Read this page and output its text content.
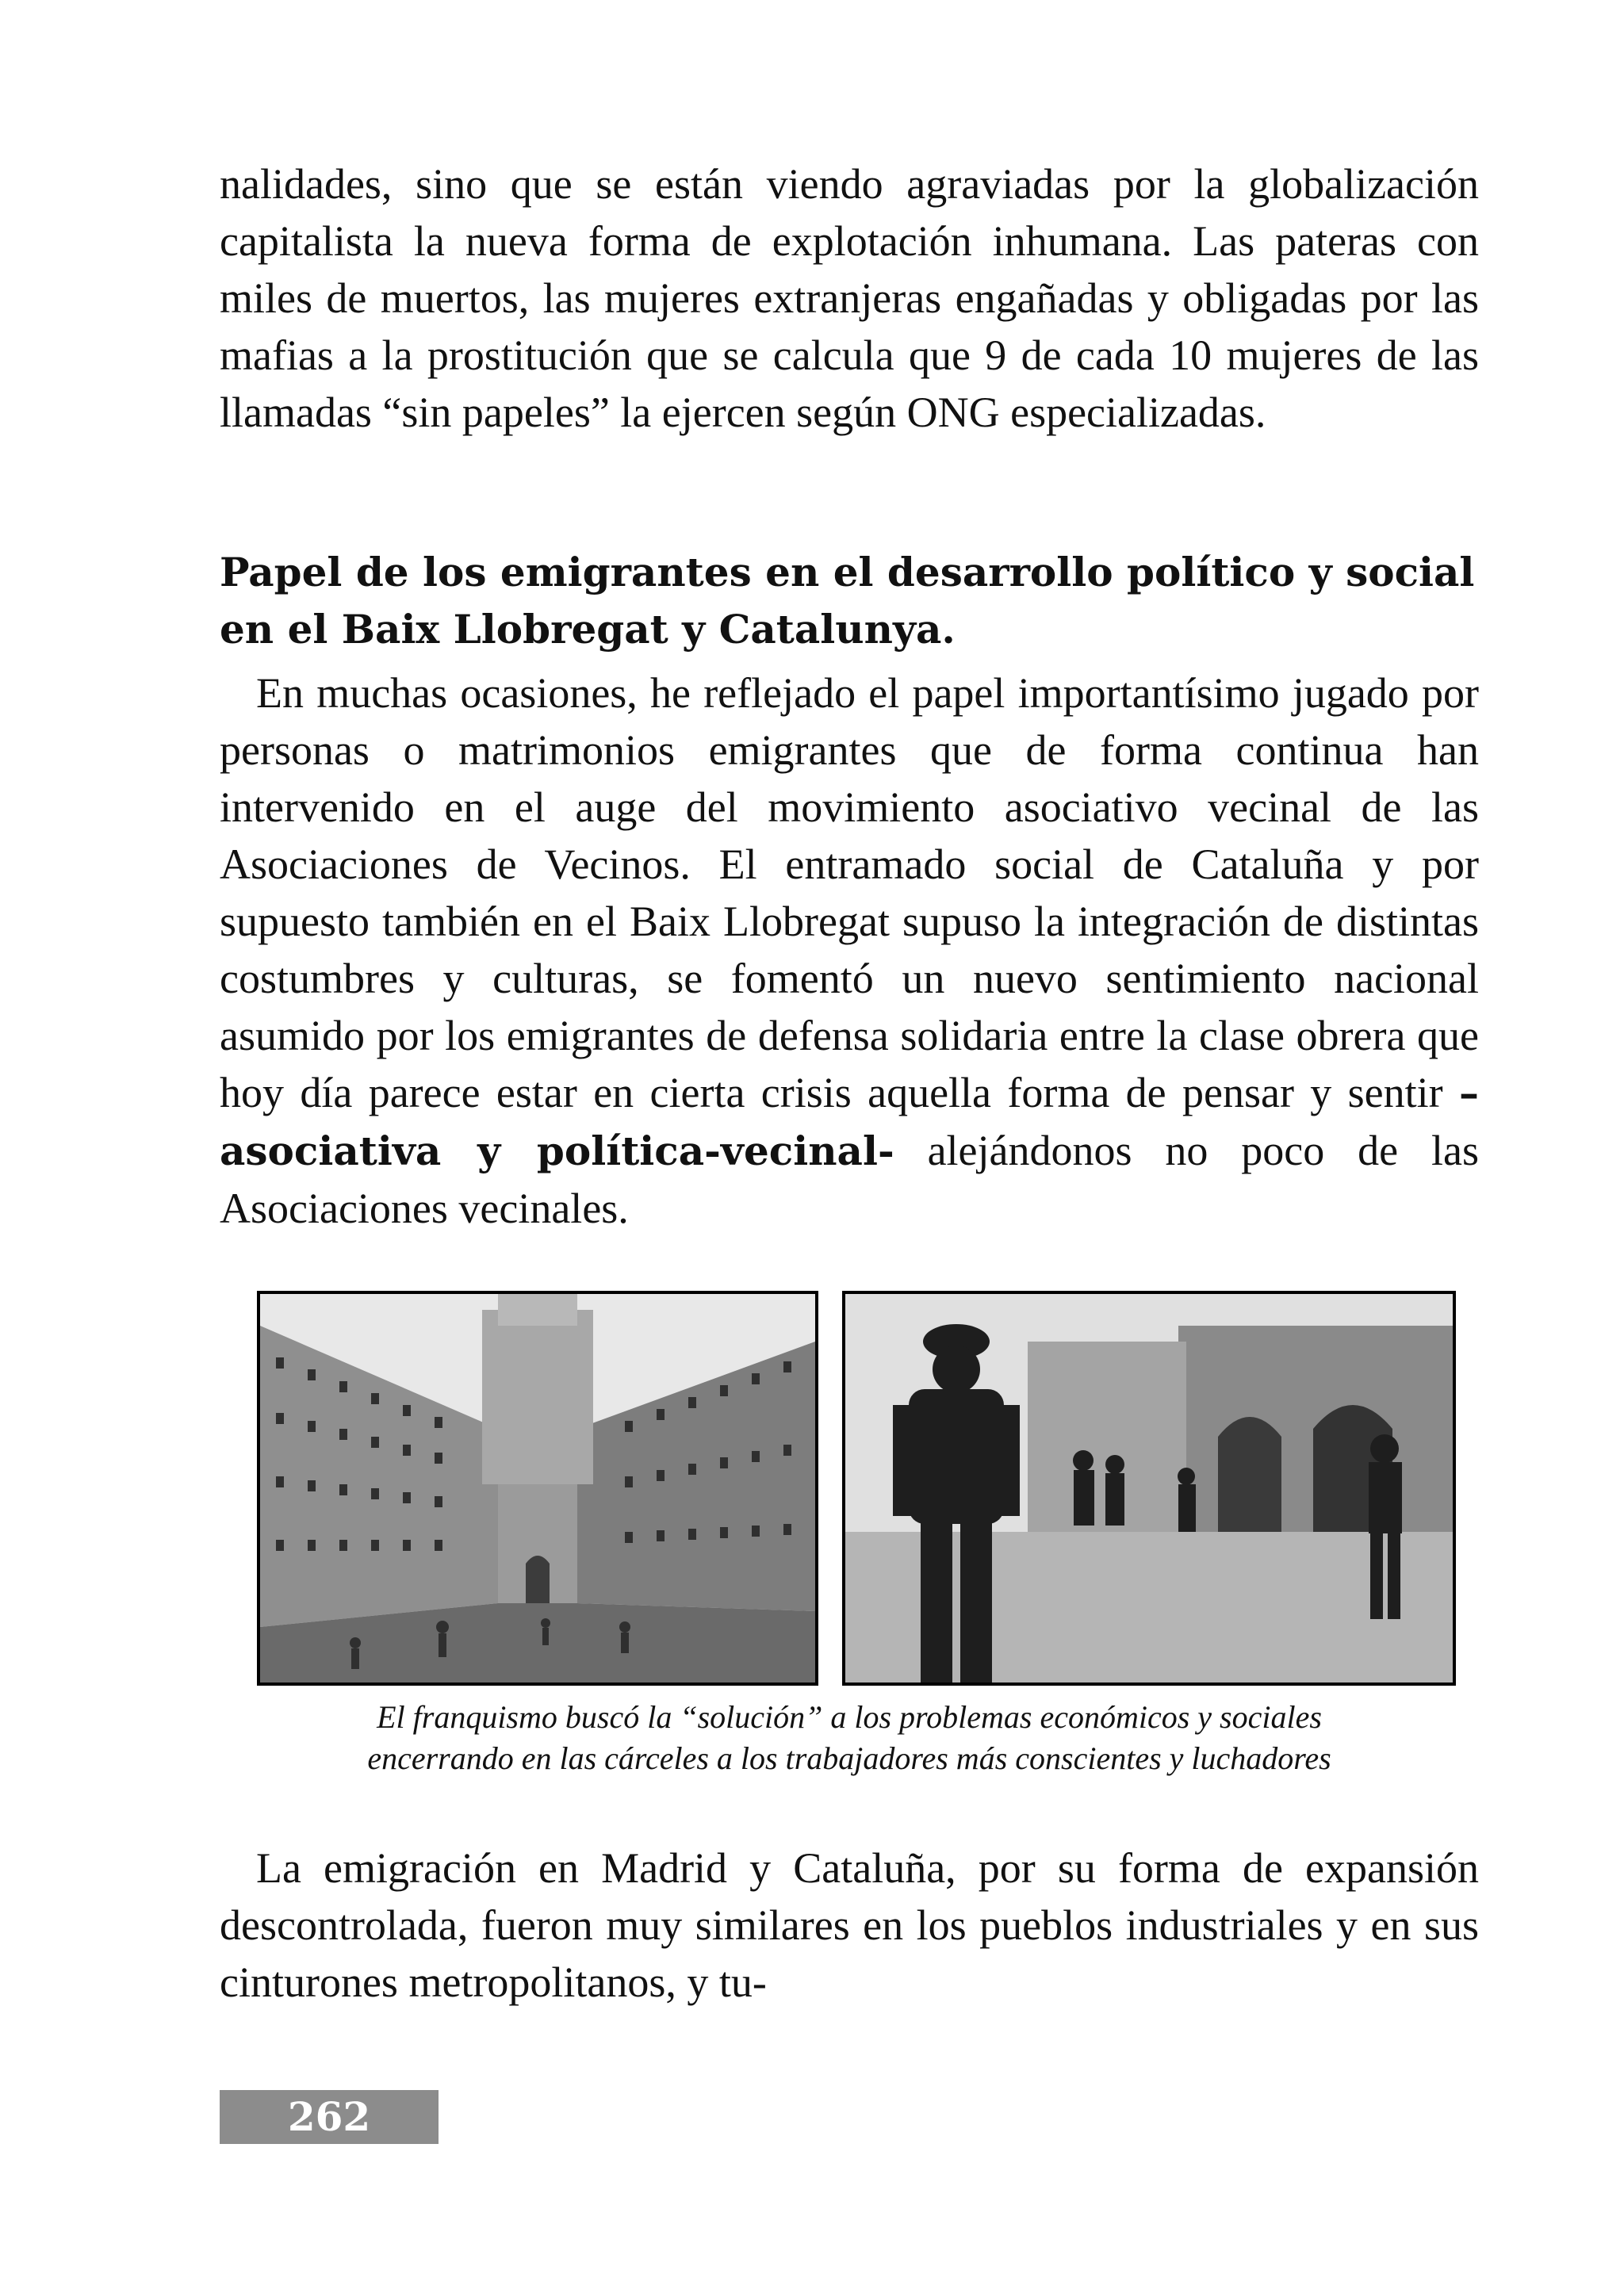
nalidades, sino que se están viendo agraviadas por la globalización capitalista la nueva forma de explotación inhumana. Las pateras con miles de muertos, las mujeres extranjeras engañadas y obligadas por las mafias a la prostitución que se calcula que 9 de cada 10 mujeres de las llamadas “sin papeles” la ejercen según ONG especializadas.
Papel de los emigrantes en el desarrollo político y social en el Baix Llobregat y Catalunya.
En muchas ocasiones, he reflejado el papel importantísimo jugado por personas o matrimonios emigrantes que de forma continua han intervenido en el auge del movimiento asociativo vecinal de las Asociaciones de Vecinos. El entramado social de Cataluña y por supuesto también en el Baix Llobregat supuso la integración de distintas costumbres y culturas, se fomentó un nuevo sentimiento nacional asumido por los emigrantes de defensa solidaria entre la clase obrera que hoy día parece estar en cierta crisis aquella forma de pensar y sentir –asociativa y política-vecinal- alejándonos no poco de las Asociaciones vecinales.
El franquismo buscó la “solución” a los problemas económicos y sociales
encerrando en las cárceles a los trabajadores más conscientes y luchadores
La emigración en Madrid y Cataluña, por su forma de expansión descontrolada, fueron muy similares en los pueblos industriales y en sus cinturones metropolitanos, y tu-
262
